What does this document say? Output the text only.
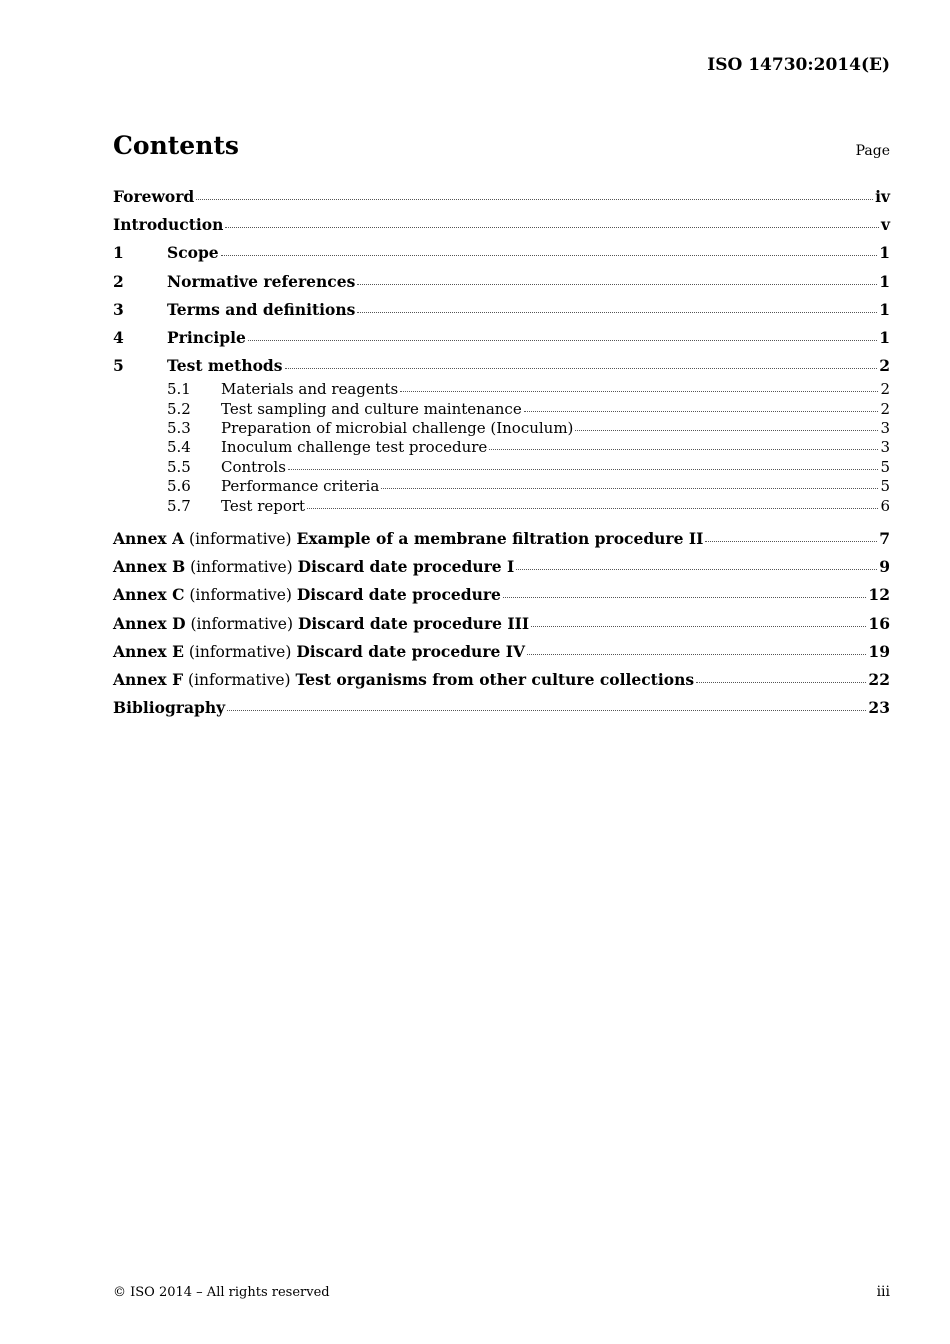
ISO 14730:2014(E)
Contents	Page
Foreword	iv
Introduction	v
1	Scope	1
2	Normative references	1
3	Terms and definitions	1
4	Principle	1
5	Test methods	2
5.1	Materials and reagents	2
5.2	Test sampling and culture maintenance	2
5.3	Preparation of microbial challenge (Inoculum)	3
5.4	Inoculum challenge test procedure	3
5.5	Controls	5
5.6	Performance criteria	5
5.7	Test report	6
Annex A (informative) Example of a membrane filtration procedure II	7
Annex B (informative) Discard date procedure I	9
Annex C (informative) Discard date procedure	12
Annex D (informative) Discard date procedure III	16
Annex E (informative) Discard date procedure IV	19
Annex F (informative) Test organisms from other culture collections	22
Bibliography	23
© ISO 2014 – All rights reserved	iii
